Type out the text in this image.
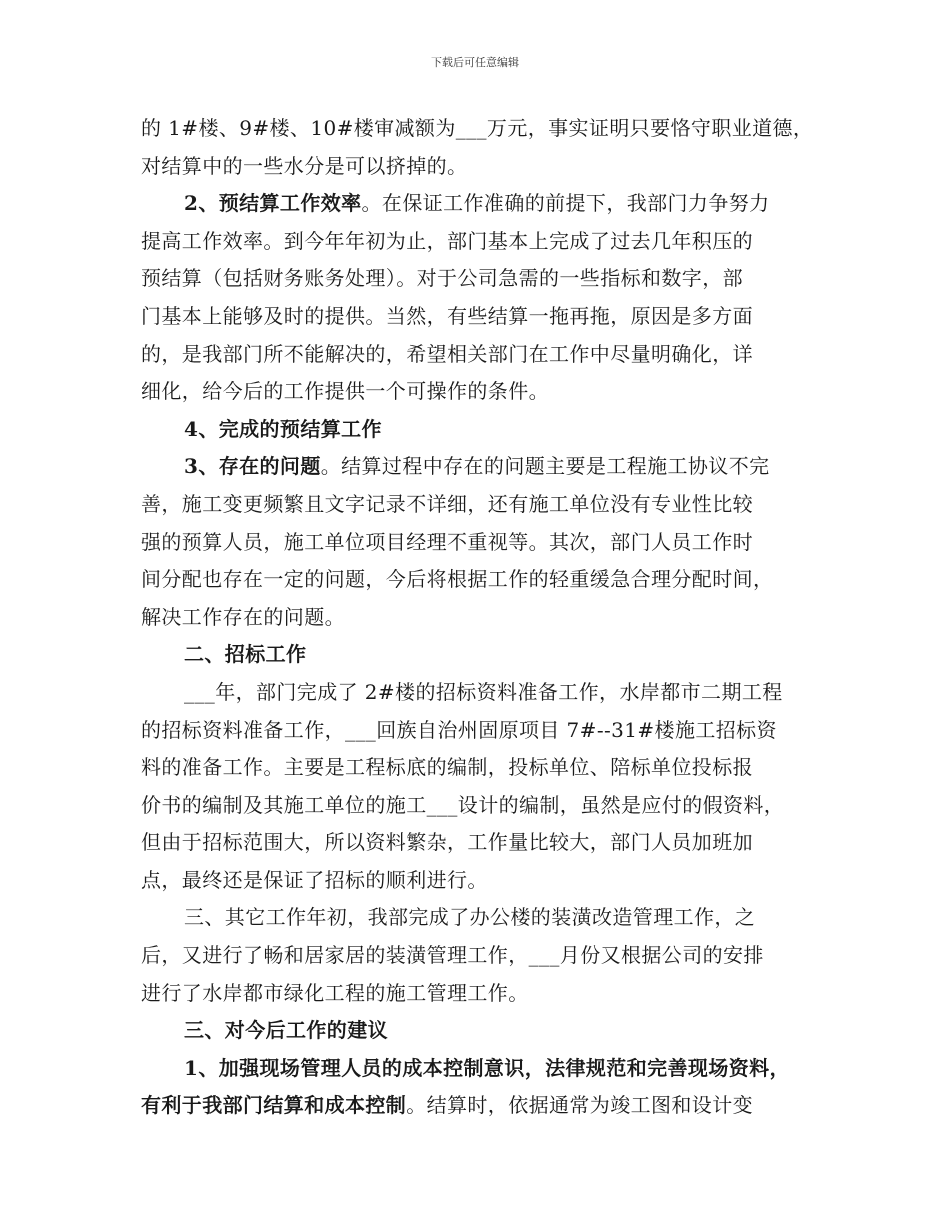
下载后可任意编辑
的 1#楼、9#楼、10#楼审减额为___万元，事实证明只要恪守职业道德，
对结算中的一些水分是可以挤掉的。
2、预结算工作效率。在保证工作准确的前提下，我部门力争努力
提高工作效率。到今年年初为止，部门基本上完成了过去几年积压的
预结算（包括财务账务处理）。对于公司急需的一些指标和数字，部
门基本上能够及时的提供。当然，有些结算一拖再拖，原因是多方面
的，是我部门所不能解决的，希望相关部门在工作中尽量明确化，详
细化，给今后的工作提供一个可操作的条件。
4、完成的预结算工作
3、存在的问题。结算过程中存在的问题主要是工程施工协议不完
善，施工变更频繁且文字记录不详细，还有施工单位没有专业性比较
强的预算人员，施工单位项目经理不重视等。其次，部门人员工作时
间分配也存在一定的问题，今后将根据工作的轻重缓急合理分配时间，
解决工作存在的问题。
二、招标工作
___年，部门完成了 2#楼的招标资料准备工作，水岸都市二期工程
的招标资料准备工作，___回族自治州固原项目 7#--31#楼施工招标资
料的准备工作。主要是工程标底的编制，投标单位、陪标单位投标报
价书的编制及其施工单位的施工___设计的编制，虽然是应付的假资料，
但由于招标范围大，所以资料繁杂，工作量比较大，部门人员加班加
点，最终还是保证了招标的顺利进行。
三、其它工作年初，我部完成了办公楼的装潢改造管理工作，之
后，又进行了畅和居家居的装潢管理工作，___月份又根据公司的安排
进行了水岸都市绿化工程的施工管理工作。
三、对今后工作的建议
1、加强现场管理人员的成本控制意识，法律规范和完善现场资料，
有利于我部门结算和成本控制。结算时，依据通常为竣工图和设计变
